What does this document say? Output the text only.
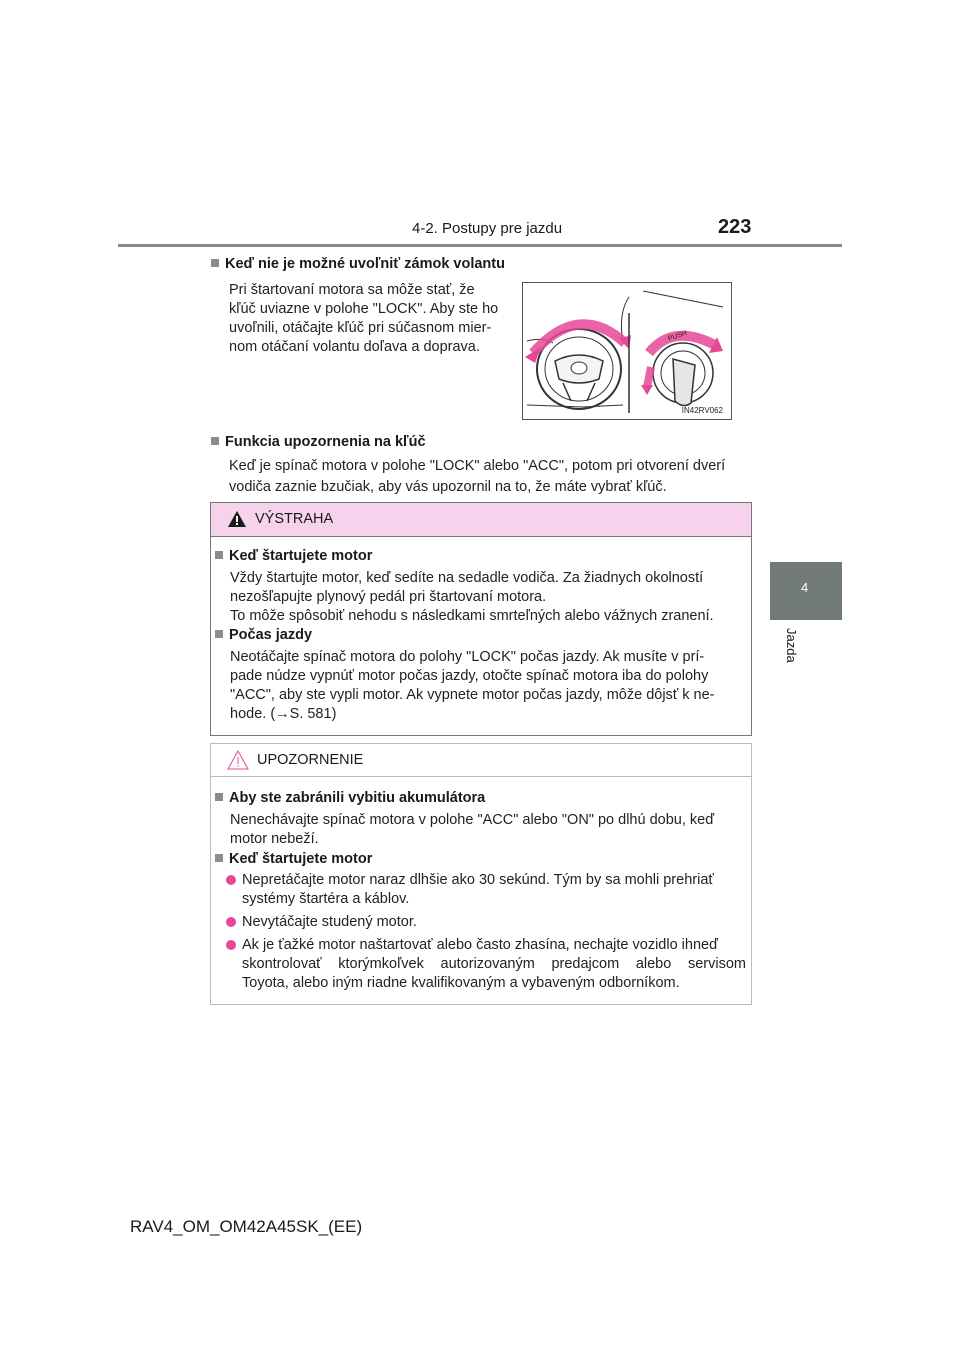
4-2. Postupy pre jazdu	223
4
Jazda
Keď nie je možné uvoľniť zámok volantu
Pri štartovaní motora sa môže stať, že
kľúč uviazne v polohe "LOCK". Aby ste ho
uvoľnili, otáčajte kľúč pri súčasnom mier-
nom otáčaní volantu doľava a doprava.
PUSH
IN42RV062
Funkcia upozornenia na kľúč
Keď je spínač motora v polohe "LOCK" alebo "ACC", potom pri otvorení dverí
vodiča zaznie bzučiak, aby vás upozornil na to, že máte vybrať kľúč.
VÝSTRAHA
Keď štartujete motor
Vždy štartujte motor, keď sedíte na sedadle vodiča. Za žiadnych okolností
nezošľapujte plynový pedál pri štartovaní motora.
To môže spôsobiť nehodu s následkami smrteľných alebo vážnych zranení.
Počas jazdy
Neotáčajte spínač motora do polohy "LOCK" počas jazdy. Ak musíte v prí-
pade núdze vypnúť motor počas jazdy, otočte spínač motora iba do polohy
"ACC", aby ste vypli motor. Ak vypnete motor počas jazdy, môže dôjsť k ne-
hode. (→S. 581)
UPOZORNENIE
Aby ste zabránili vybitiu akumulátora
Nenechávajte spínač motora v polohe "ACC" alebo "ON" po dlhú dobu, keď
motor nebeží.
Keď štartujete motor
Nepretáčajte motor naraz dlhšie ako 30 sekúnd. Tým by sa mohli prehriať
systémy štartéra a káblov.
Nevytáčajte studený motor.
Ak je ťažké motor naštartovať alebo často zhasína, nechajte vozidlo ihneď
skontrolovať ktorýmkoľvek autorizovaným predajcom alebo servisom
Toyota, alebo iným riadne kvalifikovaným a vybaveným odborníkom.
RAV4_OM_OM42A45SK_(EE)
